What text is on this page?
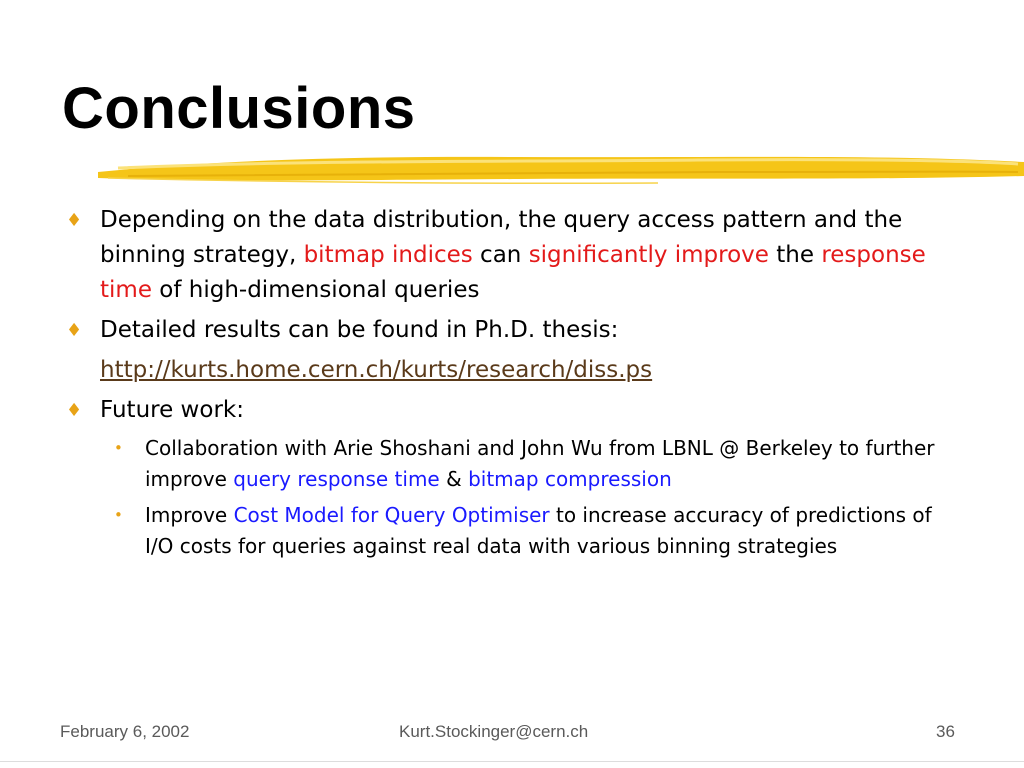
Conclusions
♦ Depending on the data distribution, the query access pattern and the binning strategy, bitmap indices can significantly improve the response time of high-dimensional queries
♦ Detailed results can be found in Ph.D. thesis:
http://kurts.home.cern.ch/kurts/research/diss.ps
♦ Future work:
• Collaboration with Arie Shoshani and John Wu from LBNL @ Berkeley to further improve query response time & bitmap compression
• Improve Cost Model for Query Optimiser to increase accuracy of predictions of I/O costs for queries against real data with various binning strategies
February 6, 2002	Kurt.Stockinger@cern.ch	36
